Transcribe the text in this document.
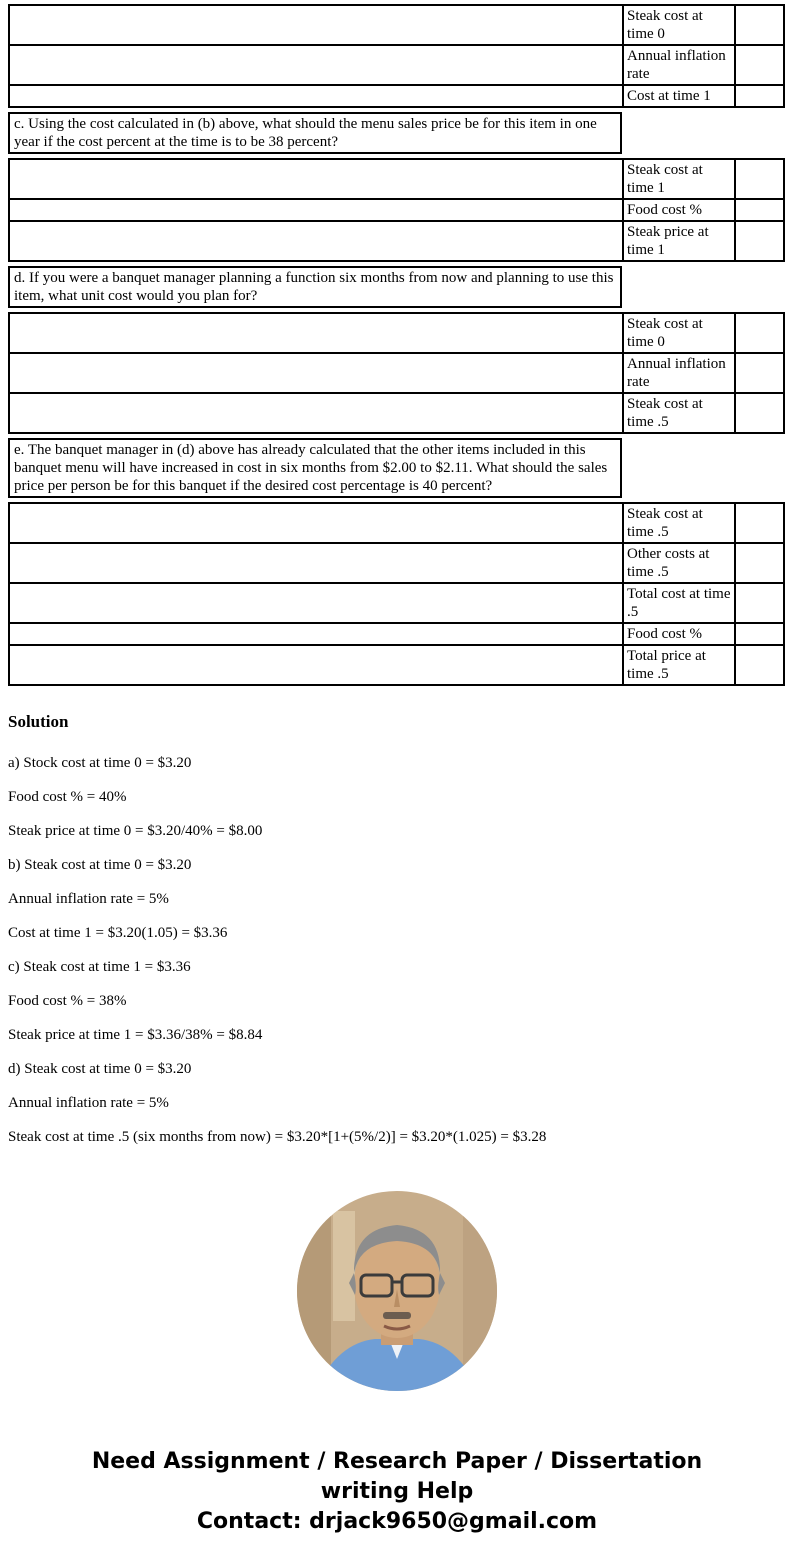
	Steak cost at time 0	
	Annual inflation rate	
	Cost at time 1	
c. Using the cost calculated in (b) above, what should the menu sales price be for this item in one year if the cost percent at the time is to be 38 percent?
	Steak cost at time 1	
	Food cost %	
	Steak price at time 1	
d. If you were a banquet manager planning a function six months from now and planning to use this item, what unit cost would you plan for?
	Steak cost at time 0	
	Annual inflation rate	
	Steak cost at time .5	
e. The banquet manager in (d) above has already calculated that the other items included in this banquet menu will have increased in cost in six months from $2.00 to $2.11. What should the sales price per person be for this banquet if the desired cost percentage is 40 percent?
	Steak cost at time .5	
	Other costs at time .5	
	Total cost at time .5	
	Food cost %	
	Total price at time .5	
Solution

a) Stock cost at time 0 = $3.20

Food cost % = 40%

Steak price at time 0 = $3.20/40% = $8.00

b) Steak cost at time 0 = $3.20

Annual inflation rate = 5%

Cost at time 1 = $3.20(1.05) = $3.36

c) Steak cost at time 1 = $3.36

Food cost % = 38%

Steak price at time 1 = $3.36/38% = $8.84

d) Steak cost at time 0 = $3.20

Annual inflation rate = 5%

Steak cost at time .5 (six months from now) = $3.20*[1+(5%/2)] = $3.20*(1.025) = $3.28

Need Assignment / Research Paper / Dissertation
writing Help
Contact: drjack9650@gmail.com
